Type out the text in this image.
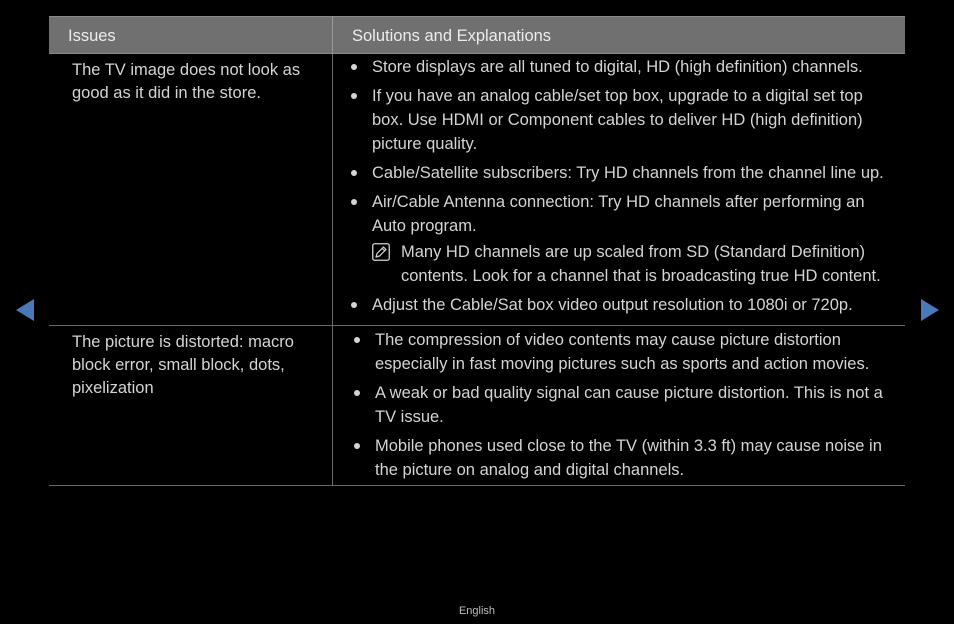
Issues	Solutions and Explanations
The TV image does not look as good as it did in the store.
Store displays are all tuned to digital, HD (high definition) channels.
If you have an analog cable/set top box, upgrade to a digital set top box. Use HDMI or Component cables to deliver HD (high definition) picture quality.
Cable/Satellite subscribers: Try HD channels from the channel line up.
Air/Cable Antenna connection: Try HD channels after performing an Auto program.
Many HD channels are up scaled from SD (Standard Definition) contents. Look for a channel that is broadcasting true HD content.
Adjust the Cable/Sat box video output resolution to 1080i or 720p.
The picture is distorted: macro block error, small block, dots, pixelization
The compression of video contents may cause picture distortion especially in fast moving pictures such as sports and action movies.
A weak or bad quality signal can cause picture distortion. This is not a TV issue.
Mobile phones used close to the TV (within 3.3 ft) may cause noise in the picture on analog and digital channels.
English
